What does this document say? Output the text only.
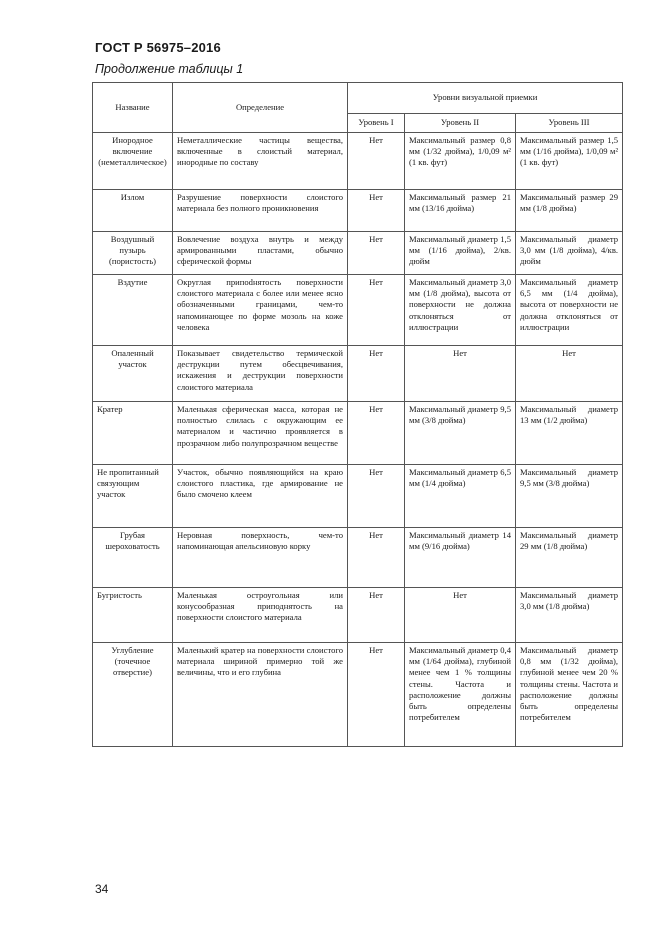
ГОСТ Р 56975–2016
Продолжение таблицы 1
Название	Определение	Уровни визуальной приемки		
		Уровень I	Уровень II	Уровень III
Инородное включение (неметаллическое)	Неметаллические частицы вещества, включенные в слоистый материал, инородные по составу	Нет	Максимальный размер 0,8 мм (1/32 дюйма), 1/0,09 м² (1 кв. фут)	Максимальный размер 1,5 мм (1/16 дюйма), 1/0,09 м² (1 кв. фут)
Излом	Разрушение поверхности слоистого материала без полного проникновения	Нет	Максимальный размер 21 мм (13/16 дюйма)	Максимальный размер 29 мм (1/8 дюйма)
Воздушный пузырь (пористость)	Вовлечение воздуха внутрь и между армированными пластами, обычно сферической формы	Нет	Максимальный диаметр 1,5 мм (1/16 дюйма), 2/кв. дюйм	Максимальный диаметр 3,0 мм (1/8 дюйма), 4/кв. дюйм
Вздутие	Округлая припodнятость поверхности слоистого материала с более или менее ясно обозначенными границами, чем-то напоминающее по форме мозоль на коже человека	Нет	Максимальный диаметр 3,0 мм (1/8 дюйма), высота от поверхности не должна отклоняться от иллюстрации	Максимальный диаметр 6,5 мм (1/4 дюйма), высота от поверхности не должна отклоняться от иллюстрации
Опаленный участок	Показывает свидетельство термической деструкции путем обесцвечивания, искажения и деструкции поверхности слоистого материала	Нет	Нет	Нет
Кратер	Маленькая сферическая масса, которая не полностью слилась с окружающим ее материалом и частично проявляется в прозрачном либо полупрозрачном веществе	Нет	Максимальный диаметр 9,5 мм (3/8 дюйма)	Максимальный диаметр 13 мм (1/2 дюйма)
Не пропитанный связующим участок	Участок, обычно появляющийся на краю слоистого пластика, где армирование не было смочено клеем	Нет	Максимальный диаметр 6,5 мм (1/4 дюйма)	Максимальный диаметр 9,5 мм (3/8 дюйма)
Грубая шероховатость	Неровная поверхность, чем-то напоминающая апельсиновую корку	Нет	Максимальный диаметр 14 мм (9/16 дюйма)	Максимальный диаметр 29 мм (1/8 дюйма)
Бугристость	Маленькая остроугольная или конусообразная приподнятость на поверхности слоистого материала	Нет	Нет	Максимальный диаметр 3,0 мм (1/8 дюйма)
Углубление (точечное отверстие)	Маленький кратер на поверхности слоистого материала шириной примерно той же величины, что и его глубина	Нет	Максимальный диаметр 0,4 мм (1/64 дюйма), глубиной менее чем 1 % толщины стены. Частота и расположение должны быть определены потребителем	Максимальный диаметр 0,8 мм (1/32 дюйма), глубиной менее чем 20 % толщины стены. Частота и расположение должны быть определены потребителем
34
